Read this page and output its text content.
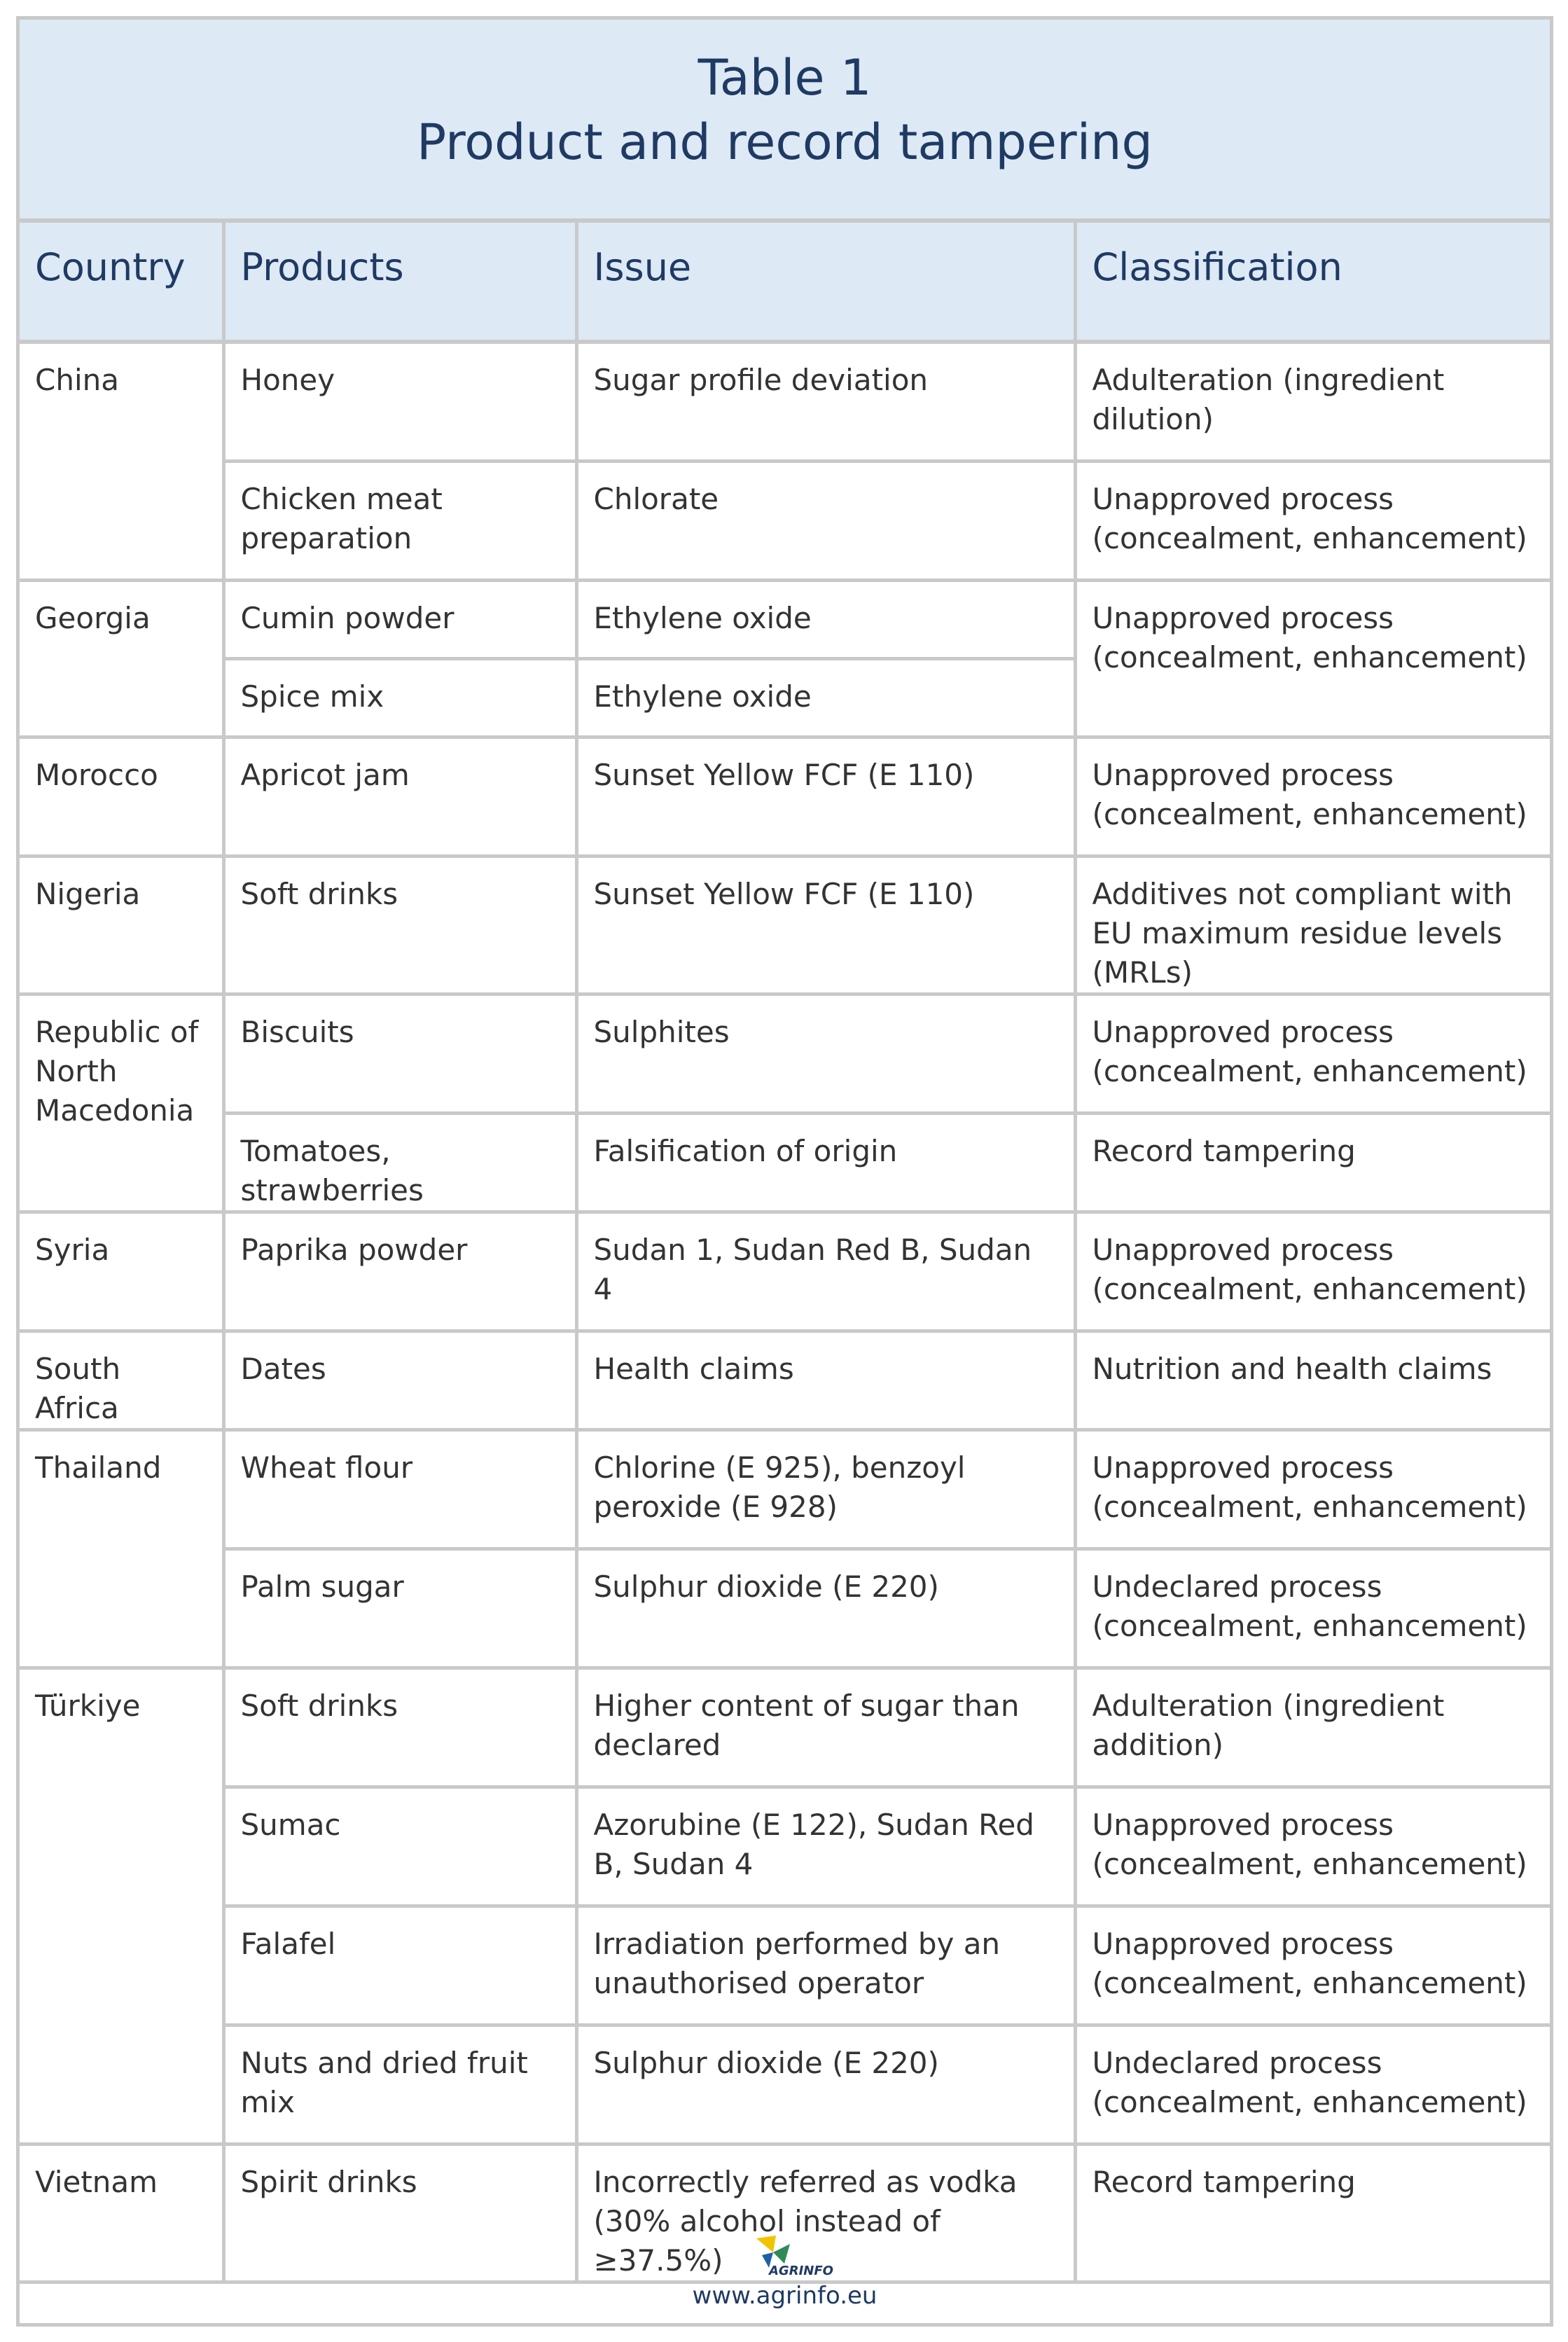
Table 1
Product and record tampering
Country	Products	Issue	Classification
China	Honey	Sugar profile deviation	Adulteration (ingredient dilution)
	Chicken meat preparation	Chlorate	Unapproved process (concealment, enhancement)
Georgia	Cumin powder	Ethylene oxide	Unapproved process (concealment, enhancement)
	Spice mix	Ethylene oxide	
Morocco	Apricot jam	Sunset Yellow FCF (E 110)	Unapproved process (concealment, enhancement)
Nigeria	Soft drinks	Sunset Yellow FCF (E 110)	Additives not compliant with EU maximum residue levels (MRLs)
Republic of North Macedonia	Biscuits	Sulphites	Unapproved process (concealment, enhancement)
	Tomatoes, strawberries	Falsification of origin	Record tampering
Syria	Paprika powder	Sudan 1, Sudan Red B, Sudan 4	Unapproved process (concealment, enhancement)
South Africa	Dates	Health claims	Nutrition and health claims
Thailand	Wheat flour	Chlorine (E 925), benzoyl peroxide (E 928)	Unapproved process (concealment, enhancement)
	Palm sugar	Sulphur dioxide (E 220)	Undeclared process (concealment, enhancement)
Türkiye	Soft drinks	Higher content of sugar than declared	Adulteration (ingredient addition)
	Sumac	Azorubine (E 122), Sudan Red B, Sudan 4	Unapproved process (concealment, enhancement)
	Falafel	Irradiation performed by an unauthorised operator	Unapproved process (concealment, enhancement)
	Nuts and dried fruit mix	Sulphur dioxide (E 220)	Undeclared process (concealment, enhancement)
Vietnam	Spirit drinks	Incorrectly referred as vodka (30% alcohol instead of ≥37.5%)	Record tampering
AGRINFO
www.agrinfo.eu
